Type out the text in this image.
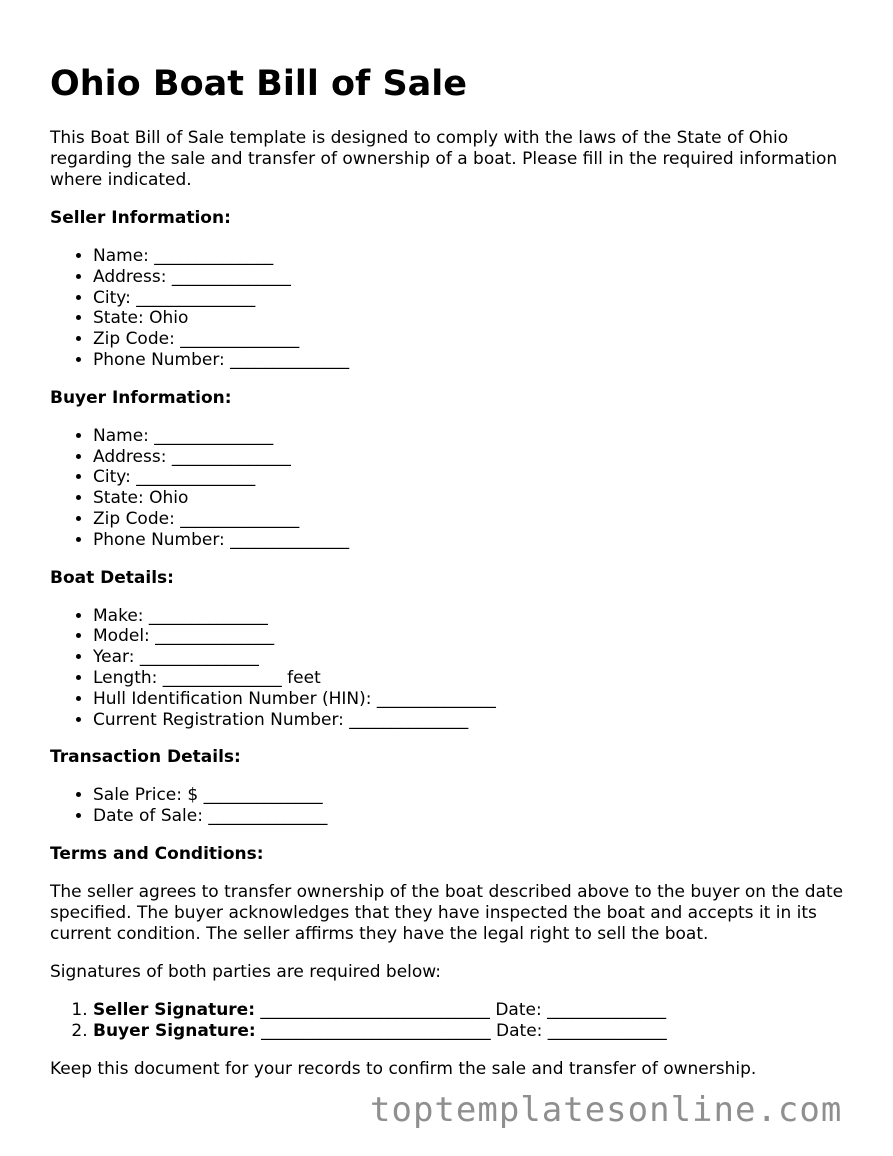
Ohio Boat Bill of Sale

This Boat Bill of Sale template is designed to comply with the laws of the State of Ohio regarding the sale and transfer of ownership of a boat. Please fill in the required information where indicated.

Seller Information:
• Name: ______________
• Address: ______________
• City: ______________
• State: Ohio
• Zip Code: ______________
• Phone Number: ______________
Buyer Information:
• Name: ______________
• Address: ______________
• City: ______________
• State: Ohio
• Zip Code: ______________
• Phone Number: ______________
Boat Details:
• Make: ______________
• Model: ______________
• Year: ______________
• Length: ______________ feet
• Hull Identification Number (HIN): ______________
• Current Registration Number: ______________
Transaction Details:
• Sale Price: $ ______________
• Date of Sale: ______________
Terms and Conditions:

The seller agrees to transfer ownership of the boat described above to the buyer on the date specified. The buyer acknowledges that they have inspected the boat and accepts it in its current condition. The seller affirms they have the legal right to sell the boat.

Signatures of both parties are required below:

1. Seller Signature: ___________________________ Date: ______________
2. Buyer Signature: ___________________________ Date: ______________

Keep this document for your records to confirm the sale and transfer of ownership.

toptemplatesonline.com
